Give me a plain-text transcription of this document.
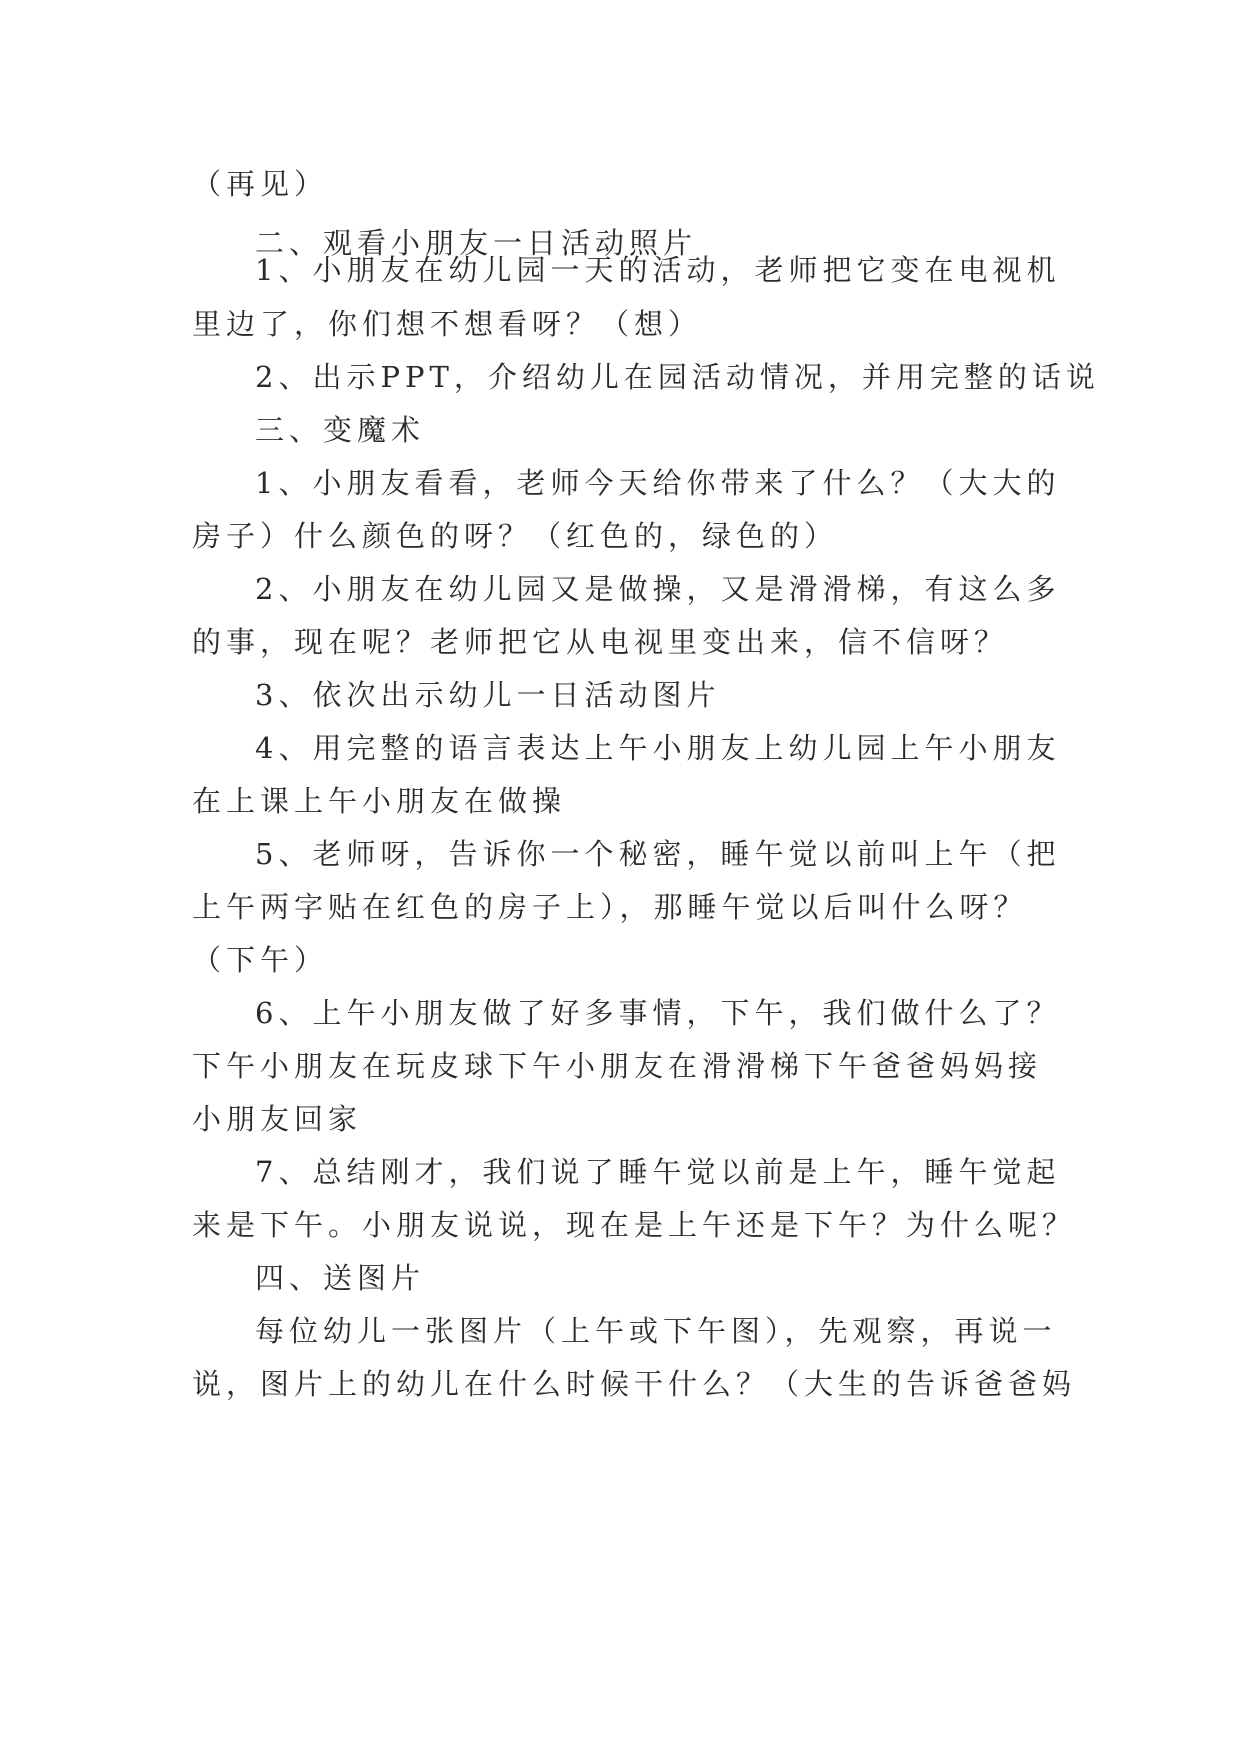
（再见）

二、观看小朋友一日活动照片

1、小朋友在幼儿园一天的活动，老师把它变在电视机

里边了，你们想不想看呀？（想）

2、出示PPT，介绍幼儿在园活动情况，并用完整的话说

三、变魔术

1、小朋友看看，老师今天给你带来了什么？（大大的

房子）什么颜色的呀？（红色的，绿色的）

2、小朋友在幼儿园又是做操，又是滑滑梯，有这么多

的事，现在呢？老师把它从电视里变出来，信不信呀？

3、依次出示幼儿一日活动图片

4、用完整的语言表达上午小朋友上幼儿园上午小朋友

在上课上午小朋友在做操

5、老师呀，告诉你一个秘密，睡午觉以前叫上午（把

上午两字贴在红色的房子上），那睡午觉以后叫什么呀？

（下午）

6、上午小朋友做了好多事情，下午，我们做什么了？

下午小朋友在玩皮球下午小朋友在滑滑梯下午爸爸妈妈接

小朋友回家

7、总结刚才，我们说了睡午觉以前是上午，睡午觉起

来是下午。小朋友说说，现在是上午还是下午？为什么呢？

四、送图片

每位幼儿一张图片（上午或下午图），先观察，再说一

说，图片上的幼儿在什么时候干什么？（大生的告诉爸爸妈
